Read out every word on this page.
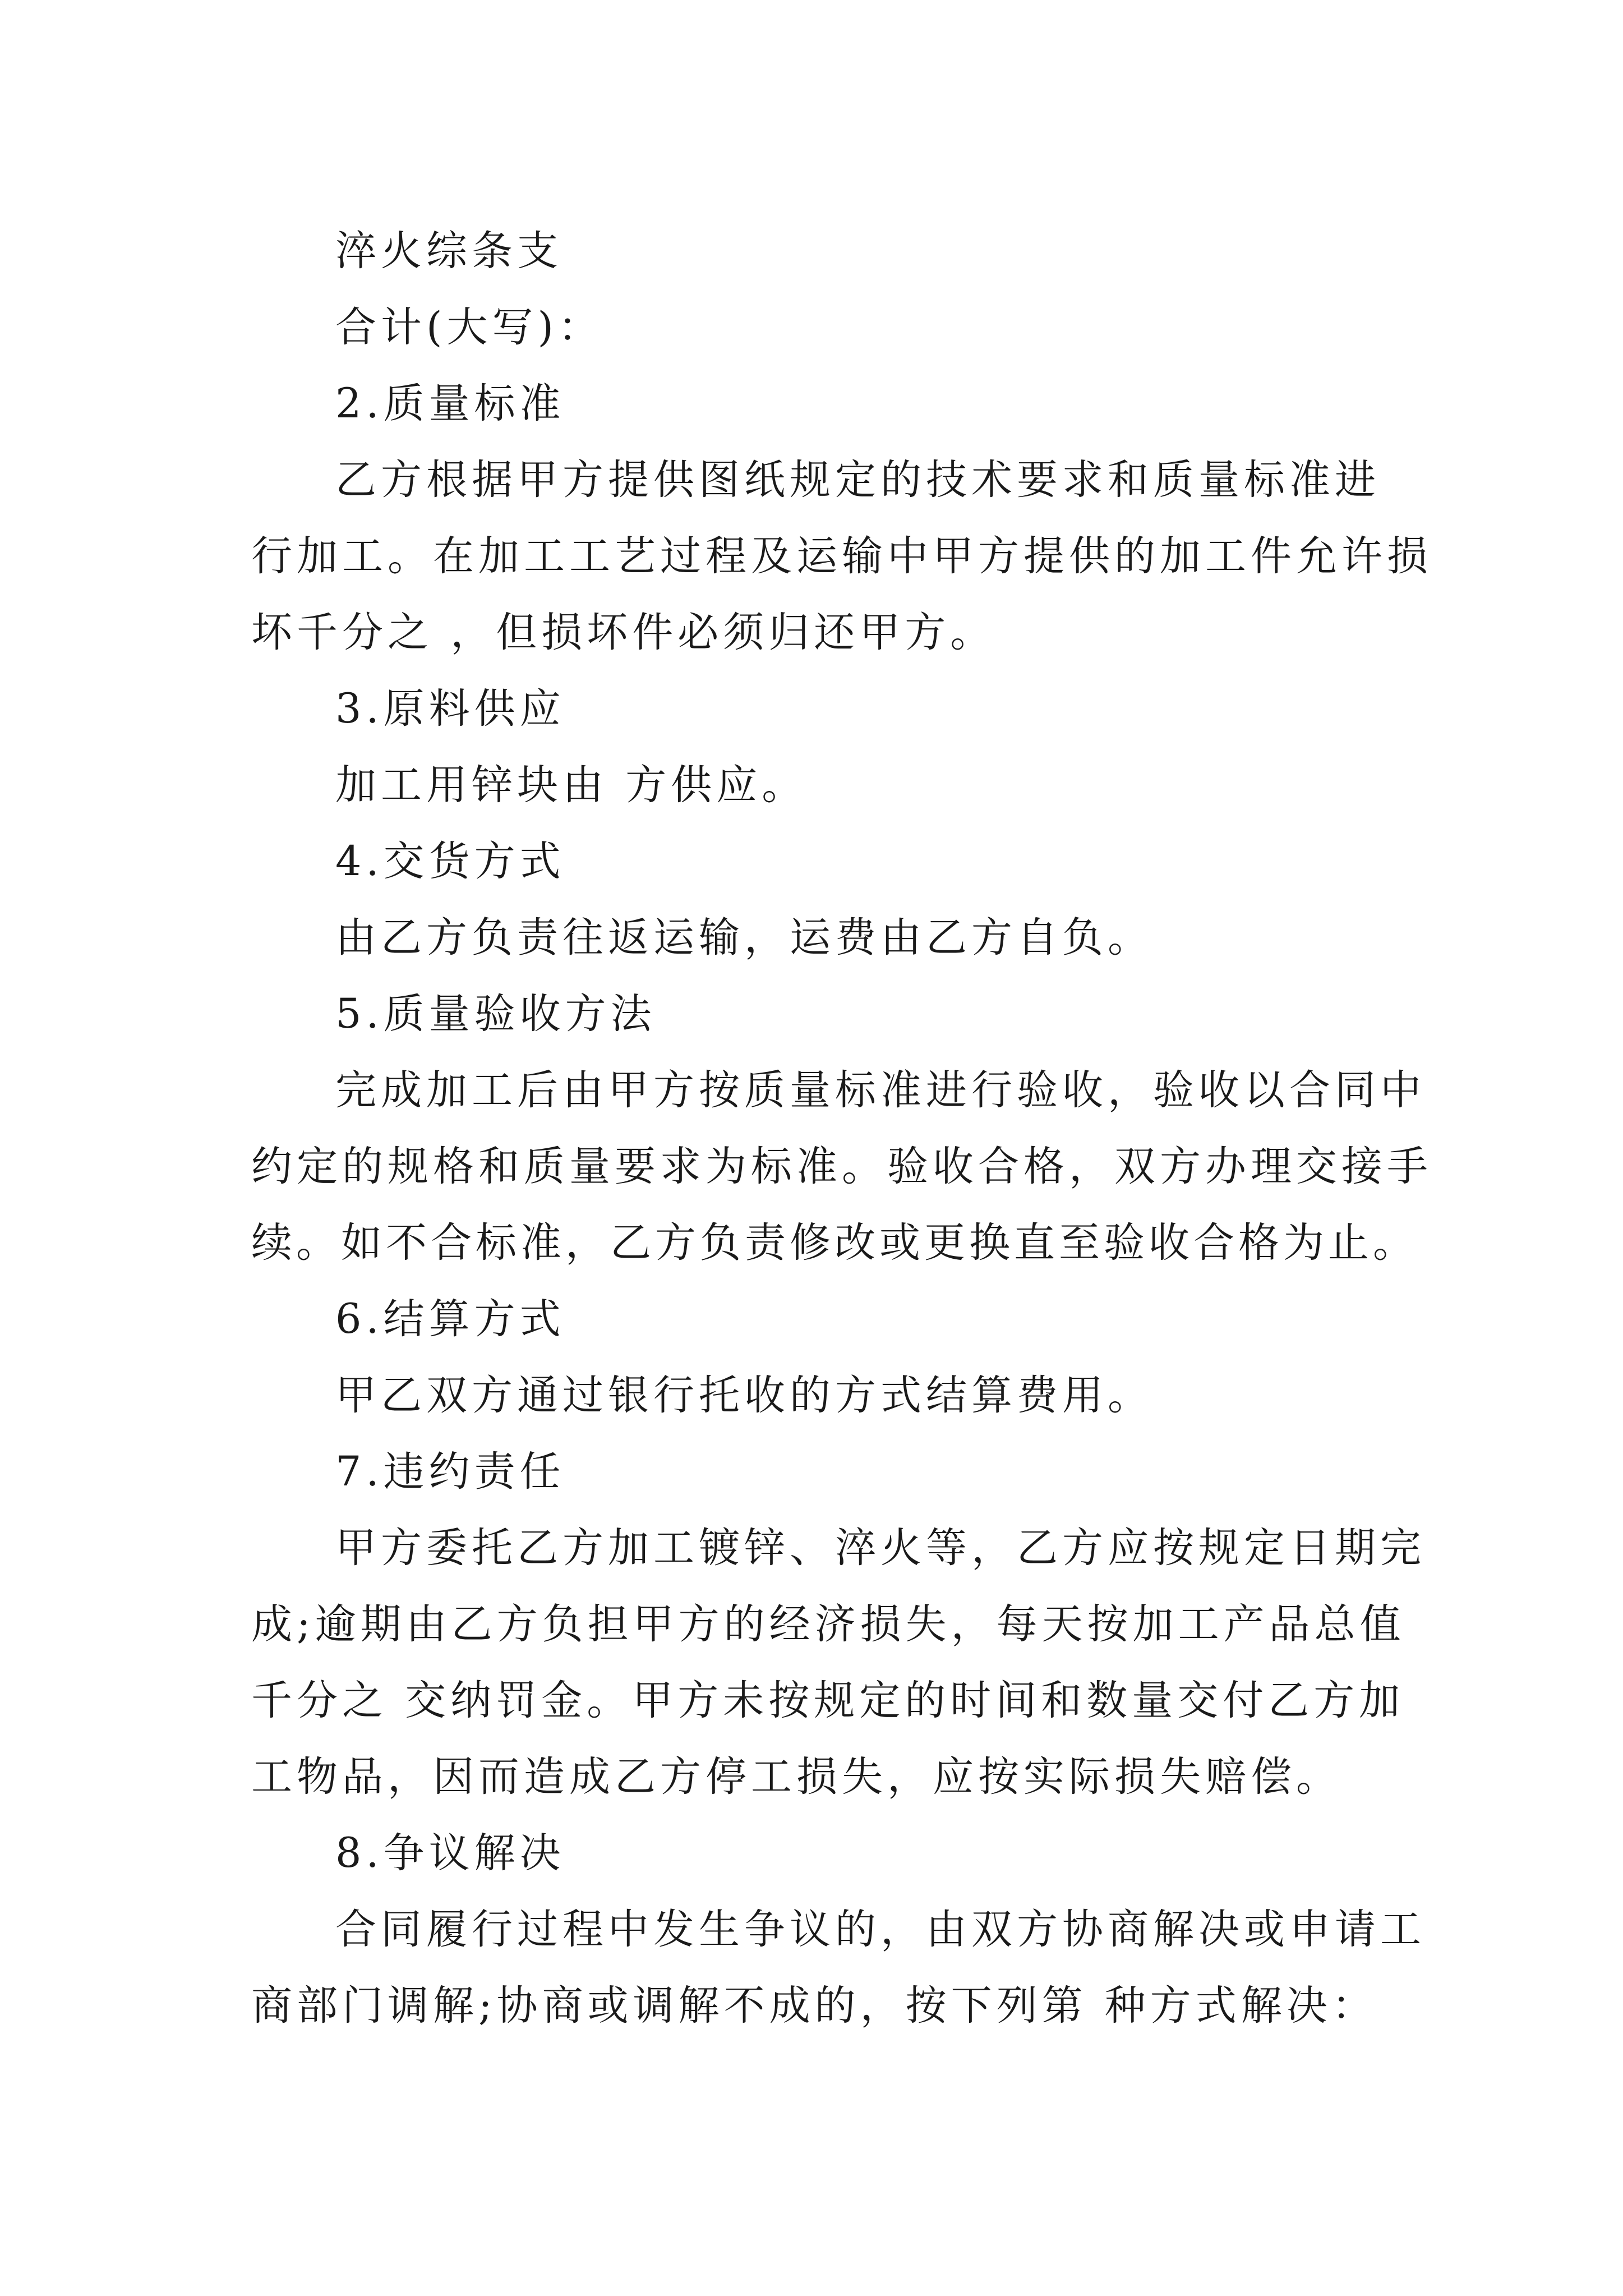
淬火综条支
合计(大写)：
2.质量标准
乙方根据甲方提供图纸规定的技术要求和质量标准进
行加工。在加工工艺过程及运输中甲方提供的加工件允许损
坏千分之 ，但损坏件必须归还甲方。
3.原料供应
加工用锌块由 方供应。
4.交货方式
由乙方负责往返运输，运费由乙方自负。
5.质量验收方法
完成加工后由甲方按质量标准进行验收，验收以合同中
约定的规格和质量要求为标准。验收合格，双方办理交接手
续。如不合标准，乙方负责修改或更换直至验收合格为止。
6.结算方式
甲乙双方通过银行托收的方式结算费用。
7.违约责任
甲方委托乙方加工镀锌、淬火等，乙方应按规定日期完
成;逾期由乙方负担甲方的经济损失，每天按加工产品总值
千分之 交纳罚金。甲方未按规定的时间和数量交付乙方加
工物品，因而造成乙方停工损失，应按实际损失赔偿。
8.争议解决
合同履行过程中发生争议的，由双方协商解决或申请工
商部门调解;协商或调解不成的，按下列第 种方式解决：
